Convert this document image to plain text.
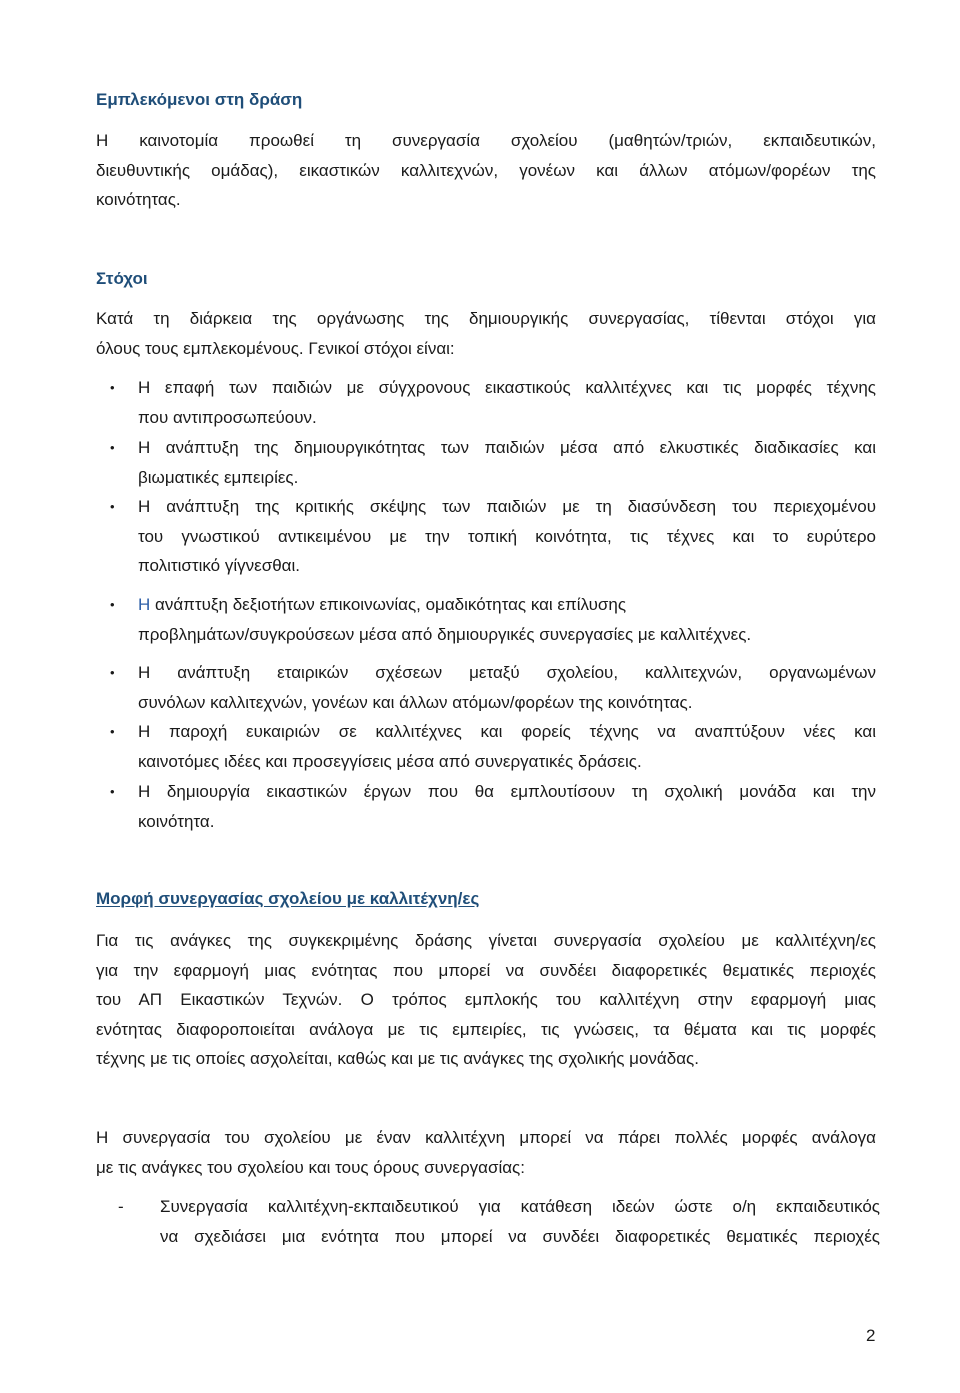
Εμπλεκόμενοι στη δράση
Η καινοτομία προωθεί τη συνεργασία σχολείου (μαθητών/τριών, εκπαιδευτικών,
διευθυντικής ομάδας), εικαστικών καλλιτεχνών, γονέων και άλλων ατόμων/φορέων της
κοινότητας.
Στόχοι
Κατά τη διάρκεια της οργάνωσης της δημιουργικής συνεργασίας, τίθενται στόχοι για
όλους τους εμπλεκομένους. Γενικοί στόχοι είναι:
• Η επαφή των παιδιών με σύγχρονους εικαστικούς καλλιτέχνες και τις μορφές τέχνης
που αντιπροσωπεύουν.
• Η ανάπτυξη της δημιουργικότητας των παιδιών μέσα από ελκυστικές διαδικασίες και
βιωματικές εμπειρίες.
• Η ανάπτυξη της κριτικής σκέψης των παιδιών με τη διασύνδεση του περιεχομένου
του γνωστικού αντικειμένου με την τοπική κοινότητα, τις τέχνες και το ευρύτερο
πολιτιστικό γίγνεσθαι.
• Η ανάπτυξη δεξιοτήτων επικοινωνίας, ομαδικότητας και επίλυσης
προβλημάτων/συγκρούσεων μέσα από δημιουργικές συνεργασίες με καλλιτέχνες.
• Η ανάπτυξη εταιρικών σχέσεων μεταξύ σχολείου, καλλιτεχνών, οργανωμένων
συνόλων καλλιτεχνών, γονέων και άλλων ατόμων/φορέων της κοινότητας.
• Η παροχή ευκαιριών σε καλλιτέχνες και φορείς τέχνης να αναπτύξουν νέες και
καινοτόμες ιδέες και προσεγγίσεις μέσα από συνεργατικές δράσεις.
• Η δημιουργία εικαστικών έργων που θα εμπλουτίσουν τη σχολική μονάδα και την
κοινότητα.
Μορφή συνεργασίας σχολείου με καλλιτέχνη/ες
Για τις ανάγκες της συγκεκριμένης δράσης γίνεται συνεργασία σχολείου με καλλιτέχνη/ες
για την εφαρμογή μιας ενότητας που μπορεί να συνδέει διαφορετικές θεματικές περιοχές
του ΑΠ Εικαστικών Τεχνών. Ο τρόπος εμπλοκής του καλλιτέχνη στην εφαρμογή μιας
ενότητας διαφοροποιείται ανάλογα με τις εμπειρίες, τις γνώσεις, τα θέματα και τις μορφές
τέχνης με τις οποίες ασχολείται, καθώς και με τις ανάγκες της σχολικής μονάδας.
Η συνεργασία του σχολείου με έναν καλλιτέχνη μπορεί να πάρει πολλές μορφές ανάλογα
με τις ανάγκες του σχολείου και τους όρους συνεργασίας:
- Συνεργασία καλλιτέχνη-εκπαιδευτικού για κατάθεση ιδεών ώστε ο/η εκπαιδευτικός
να σχεδιάσει μια ενότητα που μπορεί να συνδέει διαφορετικές θεματικές περιοχές
2
